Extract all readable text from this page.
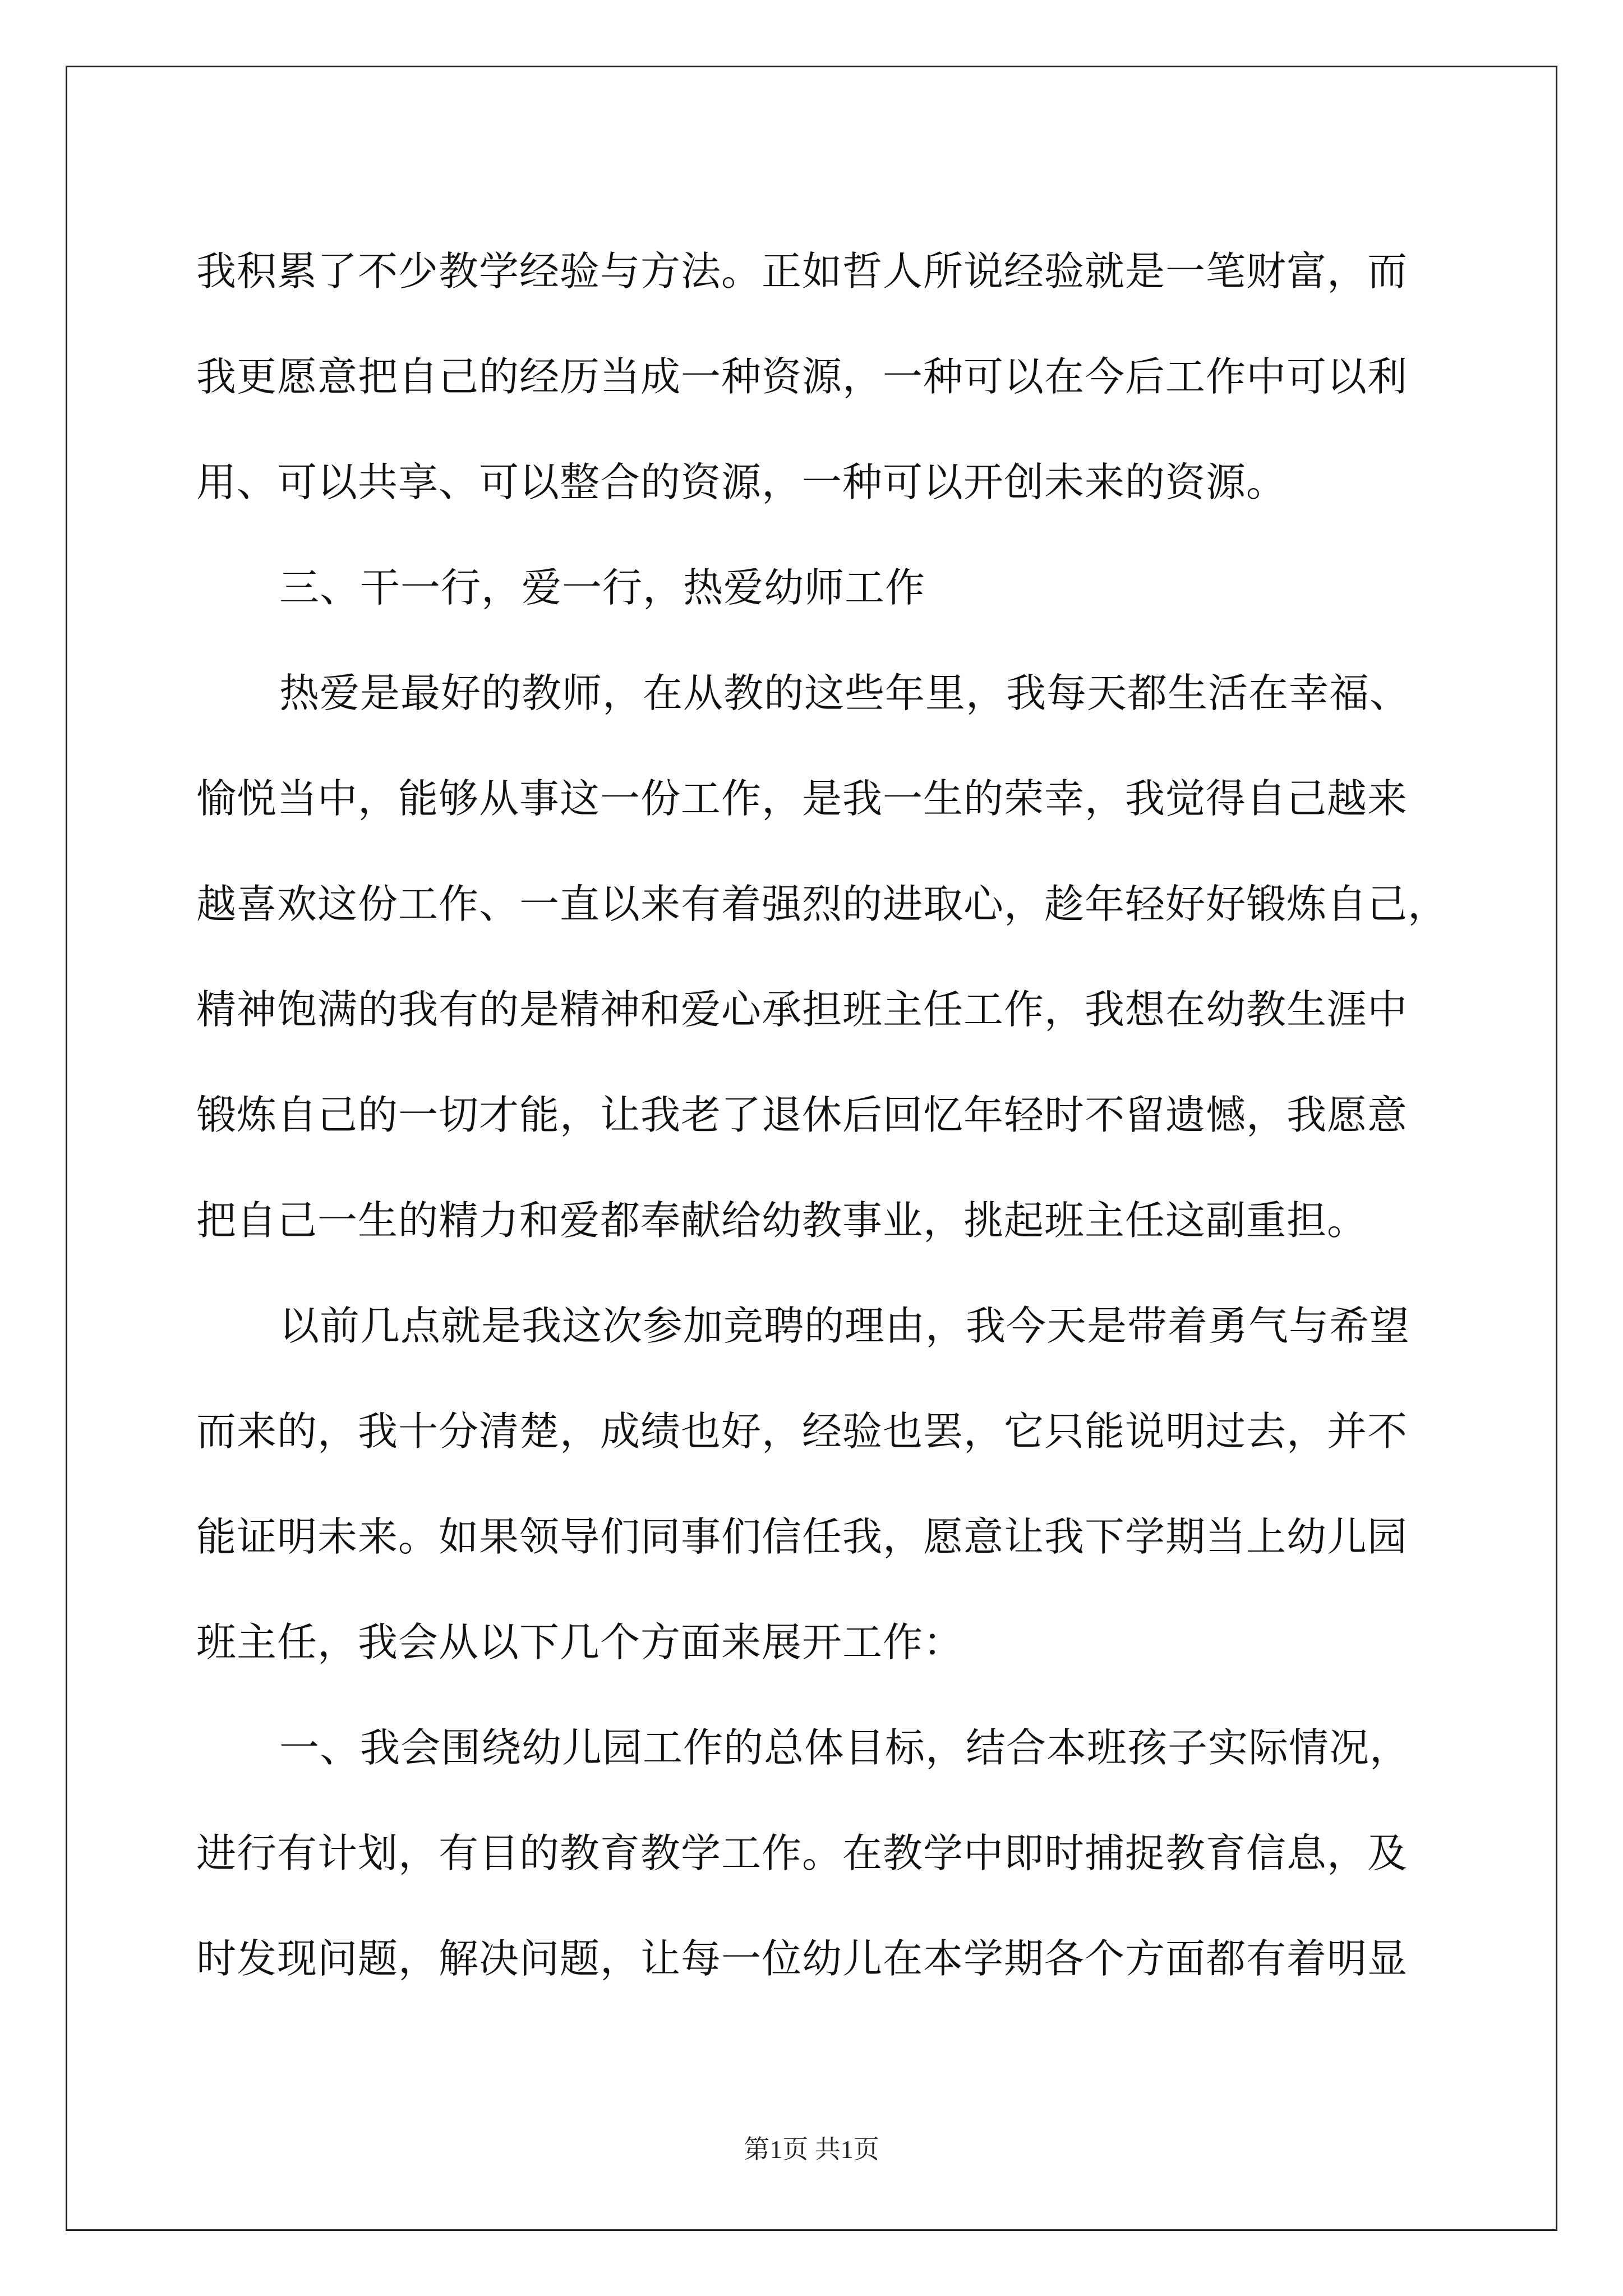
我积累了不少教学经验与方法。正如哲人所说经验就是一笔财富，而
我更愿意把自己的经历当成一种资源，一种可以在今后工作中可以利
用、可以共享、可以整合的资源，一种可以开创未来的资源。
三、干一行，爱一行，热爱幼师工作
热爱是最好的教师，在从教的这些年里，我每天都生活在幸福、
愉悦当中，能够从事这一份工作，是我一生的荣幸，我觉得自己越来
越喜欢这份工作、一直以来有着强烈的进取心，趁年轻好好锻炼自己，
精神饱满的我有的是精神和爱心承担班主任工作，我想在幼教生涯中
锻炼自己的一切才能，让我老了退休后回忆年轻时不留遗憾，我愿意
把自己一生的精力和爱都奉献给幼教事业，挑起班主任这副重担。
以前几点就是我这次参加竞聘的理由，我今天是带着勇气与希望
而来的，我十分清楚，成绩也好，经验也罢，它只能说明过去，并不
能证明未来。如果领导们同事们信任我，愿意让我下学期当上幼儿园
班主任，我会从以下几个方面来展开工作：
一、我会围绕幼儿园工作的总体目标，结合本班孩子实际情况，
进行有计划，有目的教育教学工作。在教学中即时捕捉教育信息，及
时发现问题，解决问题，让每一位幼儿在本学期各个方面都有着明显
第1页 共1页
